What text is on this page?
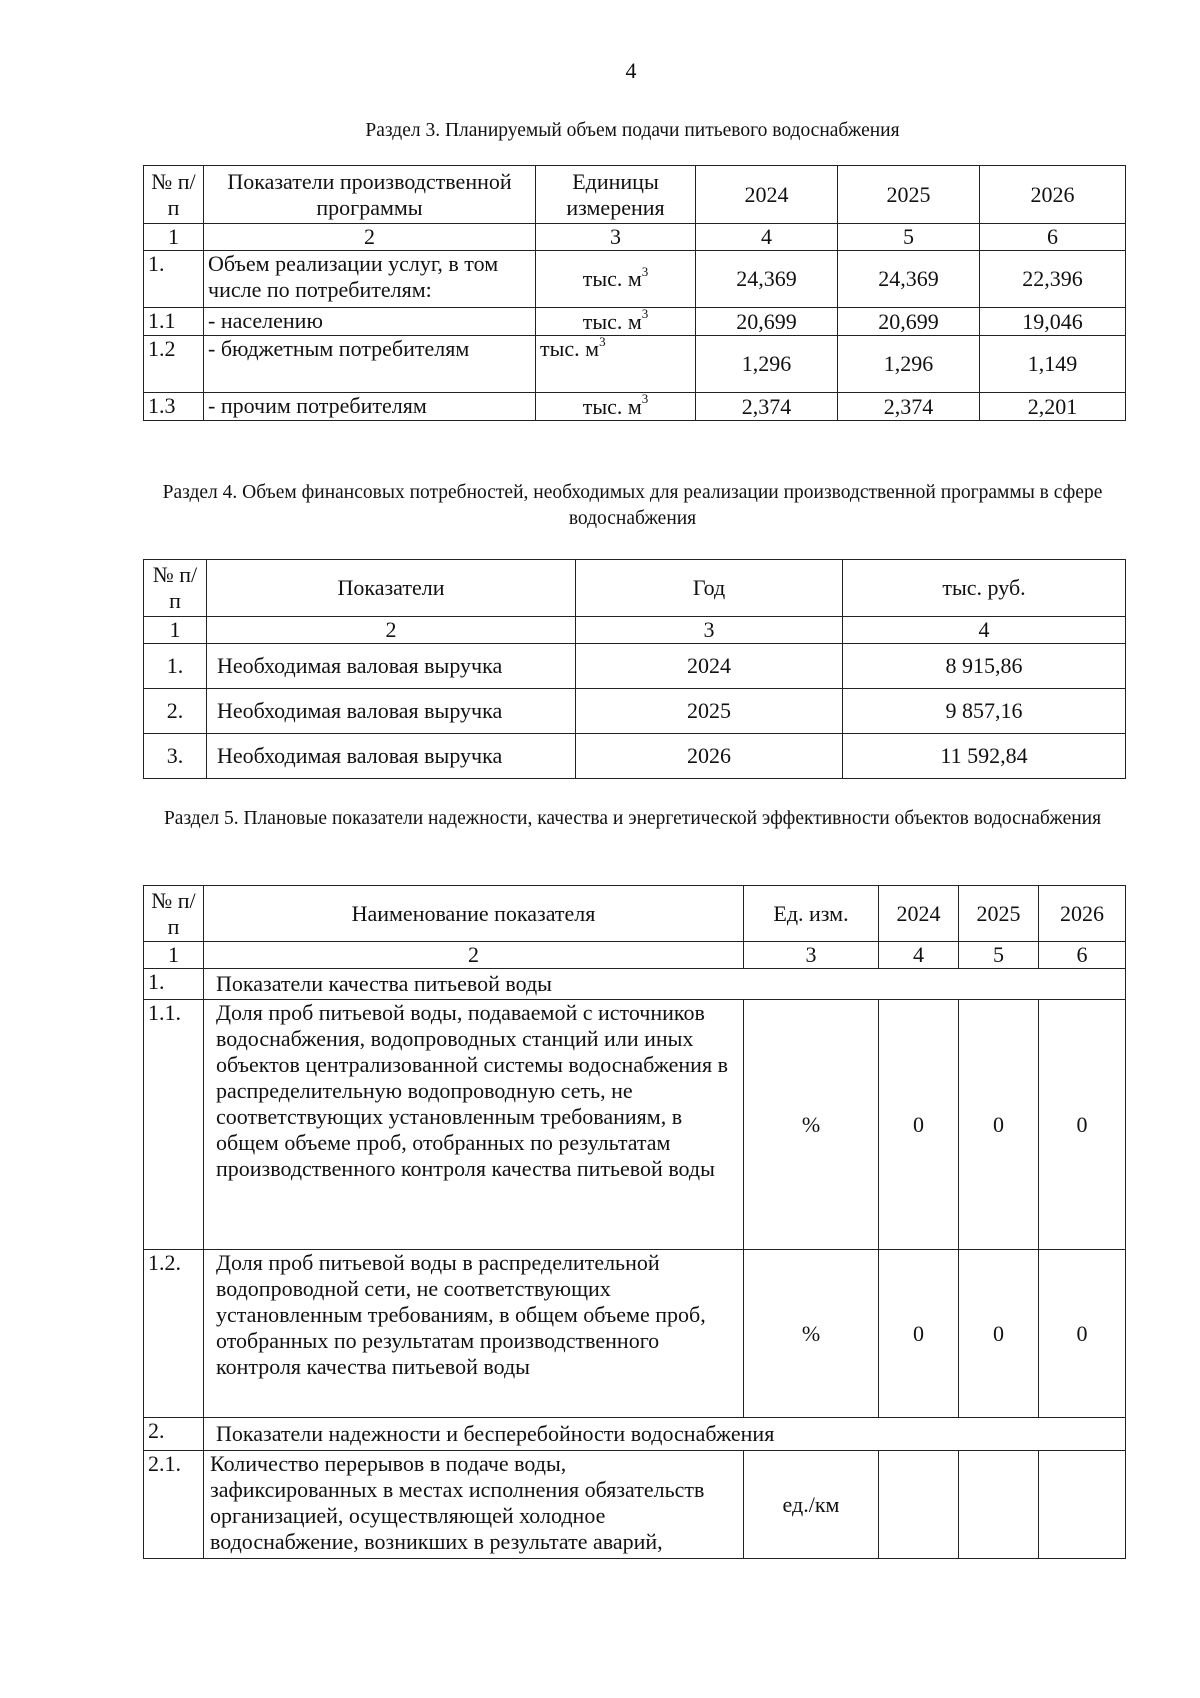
4
Раздел 3. Планируемый объем подачи питьевого водоснабжения
№ п/п	Показатели производственной программы	Единицы измерения	2024	2025	2026
1	2	3	4	5	6
1.	Объем реализации услуг, в том числе по потребителям:	тыс. $м^3$	24,369	24,369	22,396
1.1	- населению	тыс. $м^3$	20,699	20,699	19,046
1.2	- бюджетным потребителям	тыс. $м^3$	1,296	1,296	1,149
1.3	- прочим потребителям	тыс. $м^3$	2,374	2,374	2,201
Раздел 4. Объем финансовых потребностей, необходимых для реализации производственной программы в сфере водоснабжения
№ п/п	Показатели	Год	тыс. руб.
1	2	3	4
1.	Необходимая валовая выручка	2024	8 915,86
2.	Необходимая валовая выручка	2025	9 857,16
3.	Необходимая валовая выручка	2026	11 592,84
Раздел 5. Плановые показатели надежности, качества и энергетической эффективности объектов водоснабжения
№ п/п	Наименование показателя	Ед. изм.	2024	2025	2026
1	2	3	4	5	6
1.	Показатели качества питьевой воды				
1.1.	Доля проб питьевой воды, подаваемой с источников водоснабжения, водопроводных станций или иных объектов централизованной системы водоснабжения в распределительную водопроводную сеть, не соответствующих установленным требованиям, в общем объеме проб, отобранных по результатам производственного контроля качества питьевой воды	%	0	0	0
1.2.	Доля проб питьевой воды в распределительной водопроводной сети, не соответствующих установленным требованиям, в общем объеме проб, отобранных по результатам производственного контроля качества питьевой воды	%	0	0	0
2.	Показатели надежности и бесперебойности водоснабжения				
2.1.	Количество перерывов в подаче воды, зафиксированных в местах исполнения обязательств организацией, осуществляющей холодное водоснабжение, возникших в результате аварий,	ед./км			
